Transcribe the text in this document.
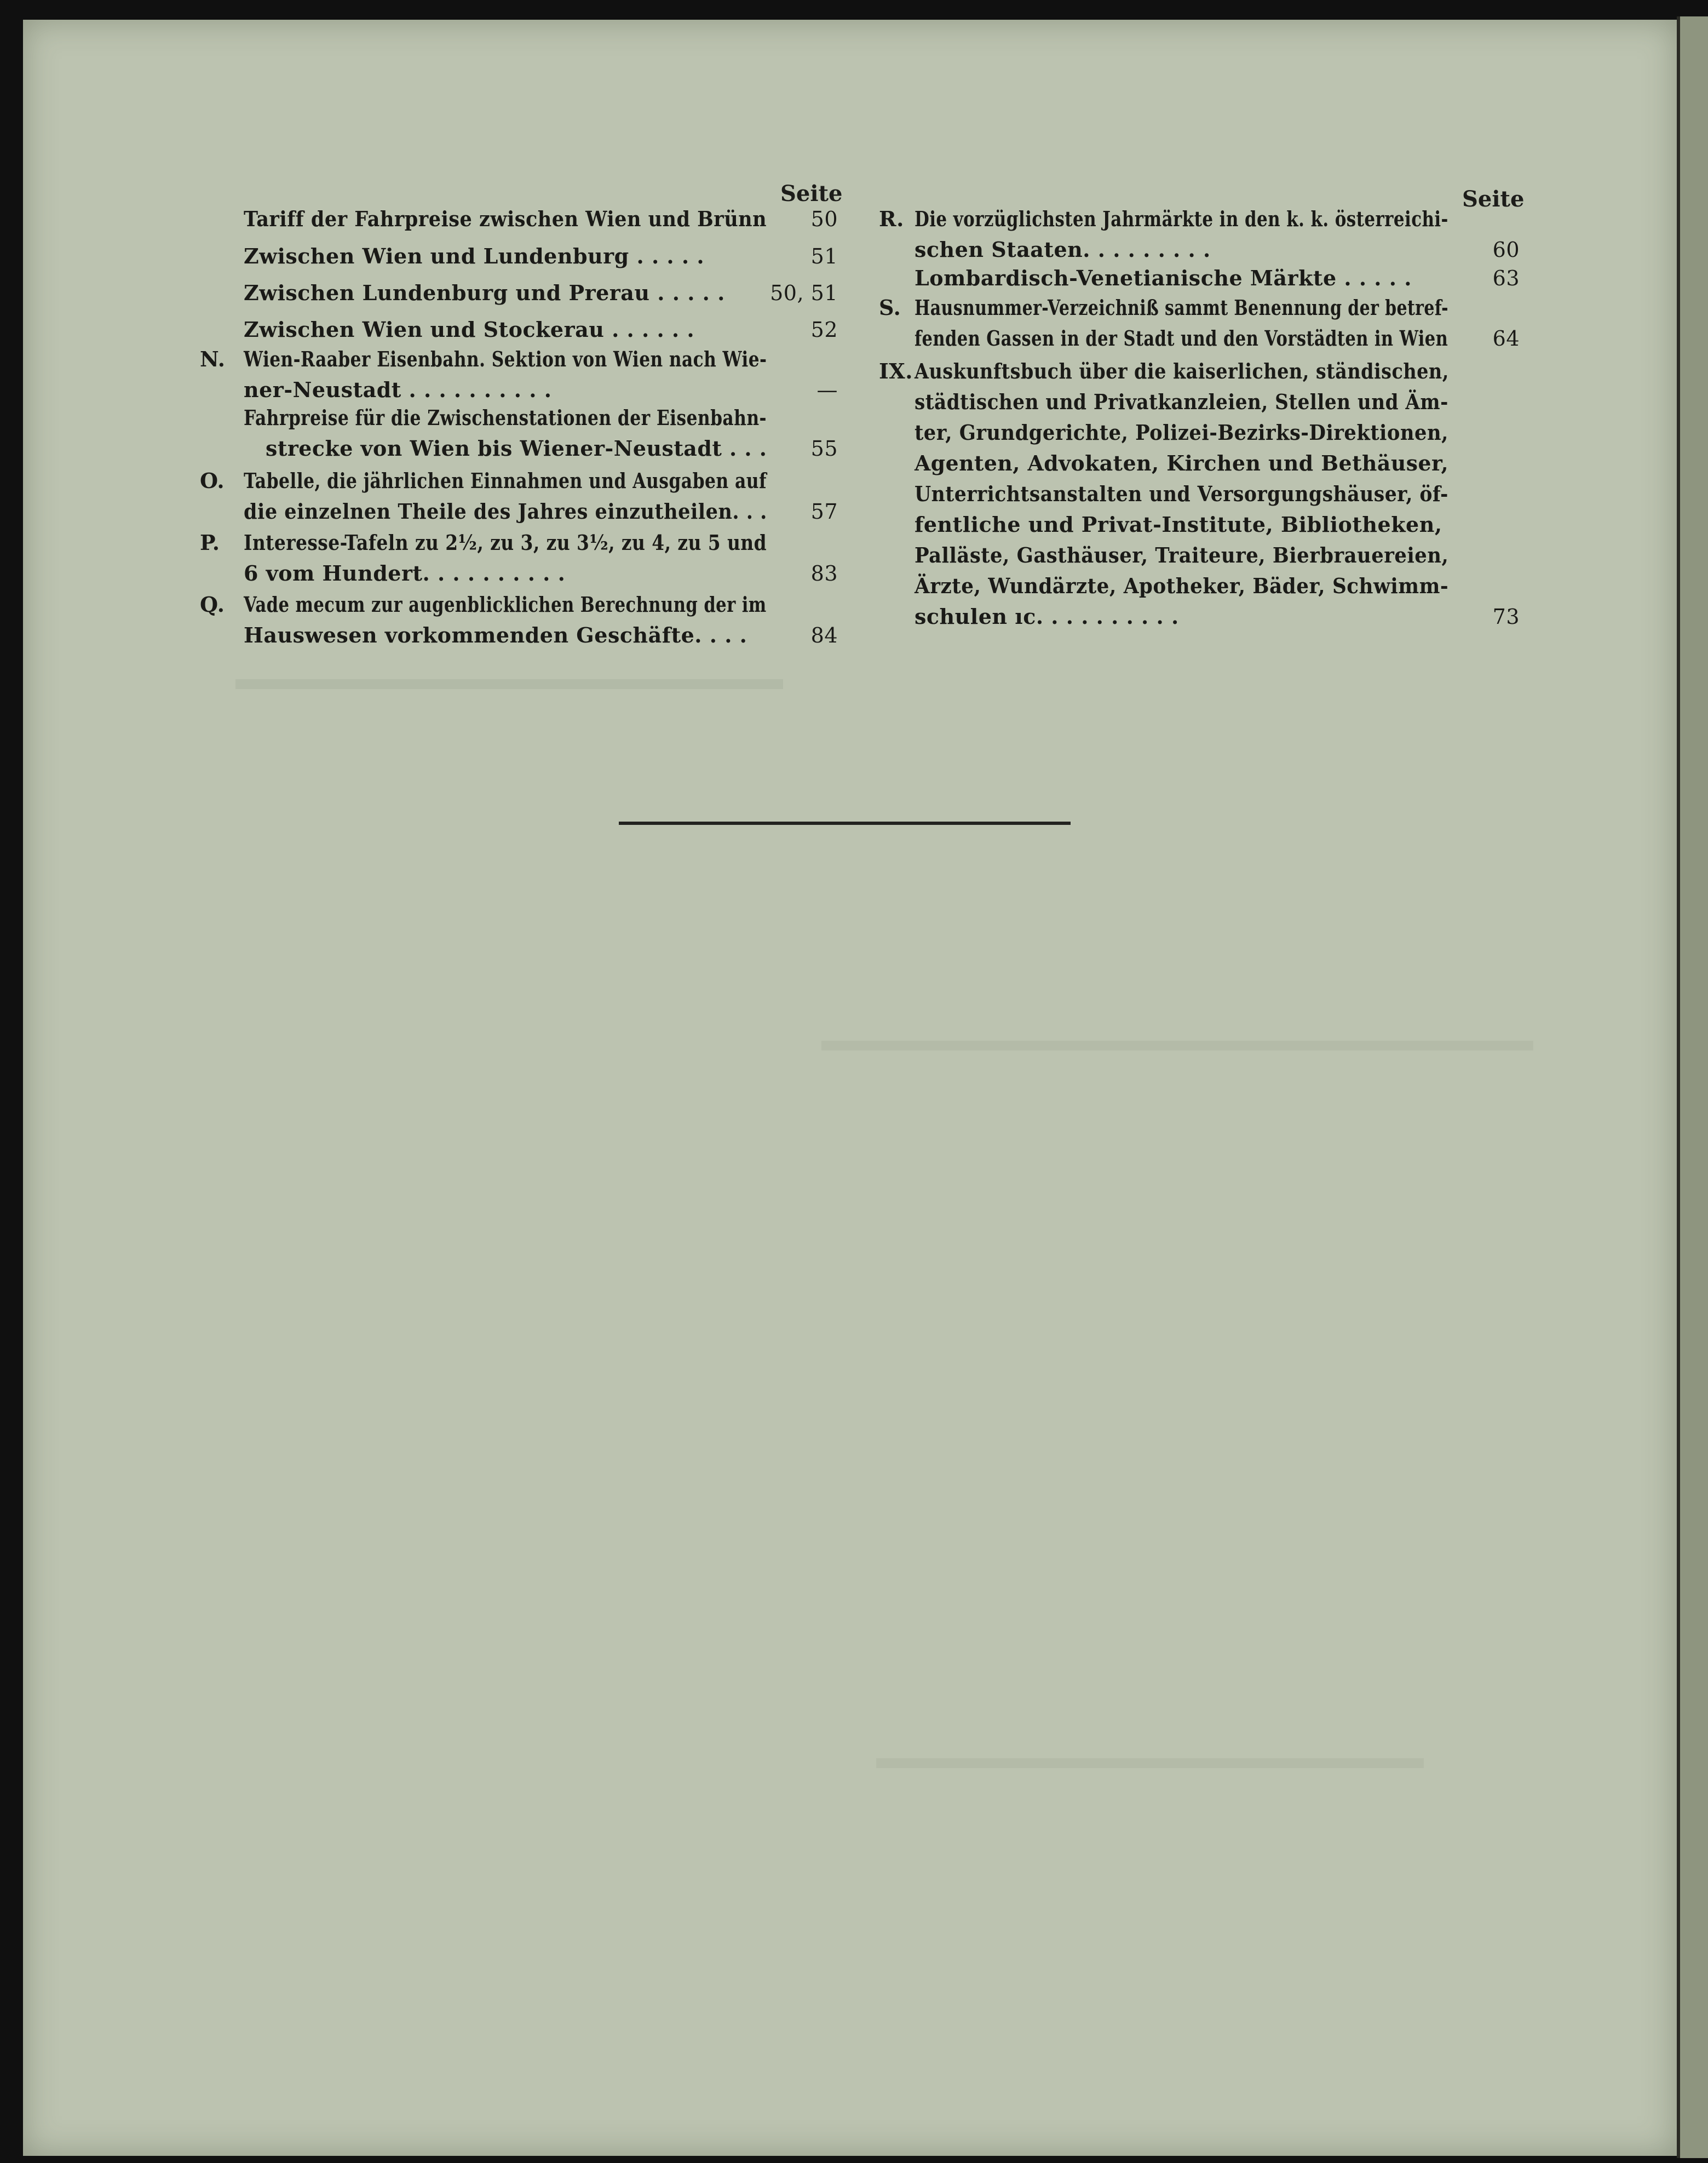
Seite
Tariff der Fahrpreise zwischen Wien und Brünn 50
Zwischen Wien und Lundenburg . . . . .	51
Zwischen Lundenburg und Prerau . . . . . 50, 51
Zwischen Wien und Stockerau . . . . . .	52
N. Wien-Raaber Eisenbahn. Sektion von Wien nach Wie-
ner-Neustadt . . . . . . . . . .	—
Fahrpreise für die Zwischenstationen der Eisenbahn-
strecke von Wien bis Wiener-Neustadt . . . 55
O. Tabelle, die jährlichen Einnahmen und Ausgaben auf
die einzelnen Theile des Jahres einzutheilen. . . 57
P. Interesse-Tafeln zu 2½, zu 3, zu 3½, zu 4, zu 5 und
6 vom Hundert. . . . . . . . . .	83
Q. Vade mecum zur augenblicklichen Berechnung der im
Hauswesen vorkommenden Geschäfte. . . .	84
Seite
R. Die vorzüglichsten Jahrmärkte in den k. k. österreichi-
schen Staaten. . . . . . . . .	60
Lombardisch-Venetianische Märkte . . . . .	63
S. Hausnummer-Verzeichniß sammt Benennung der betref-
fenden Gassen in der Stadt und den Vorstädten in Wien 64
IX. Auskunftsbuch über die kaiserlichen, ständischen,
städtischen und Privatkanzleien, Stellen und Äm-
ter, Grundgerichte, Polizei-Bezirks-Direktionen,
Agenten, Advokaten, Kirchen und Bethäuser,
Unterrichtsanstalten und Versorgungshäuser, öf-
fentliche und Privat-Institute, Bibliotheken,
Palläste, Gasthäuser, Traiteure, Bierbrauereien,
Ärzte, Wundärzte, Apotheker, Bäder, Schwimm-
schulen ıc. . . . . . . . . .	73
